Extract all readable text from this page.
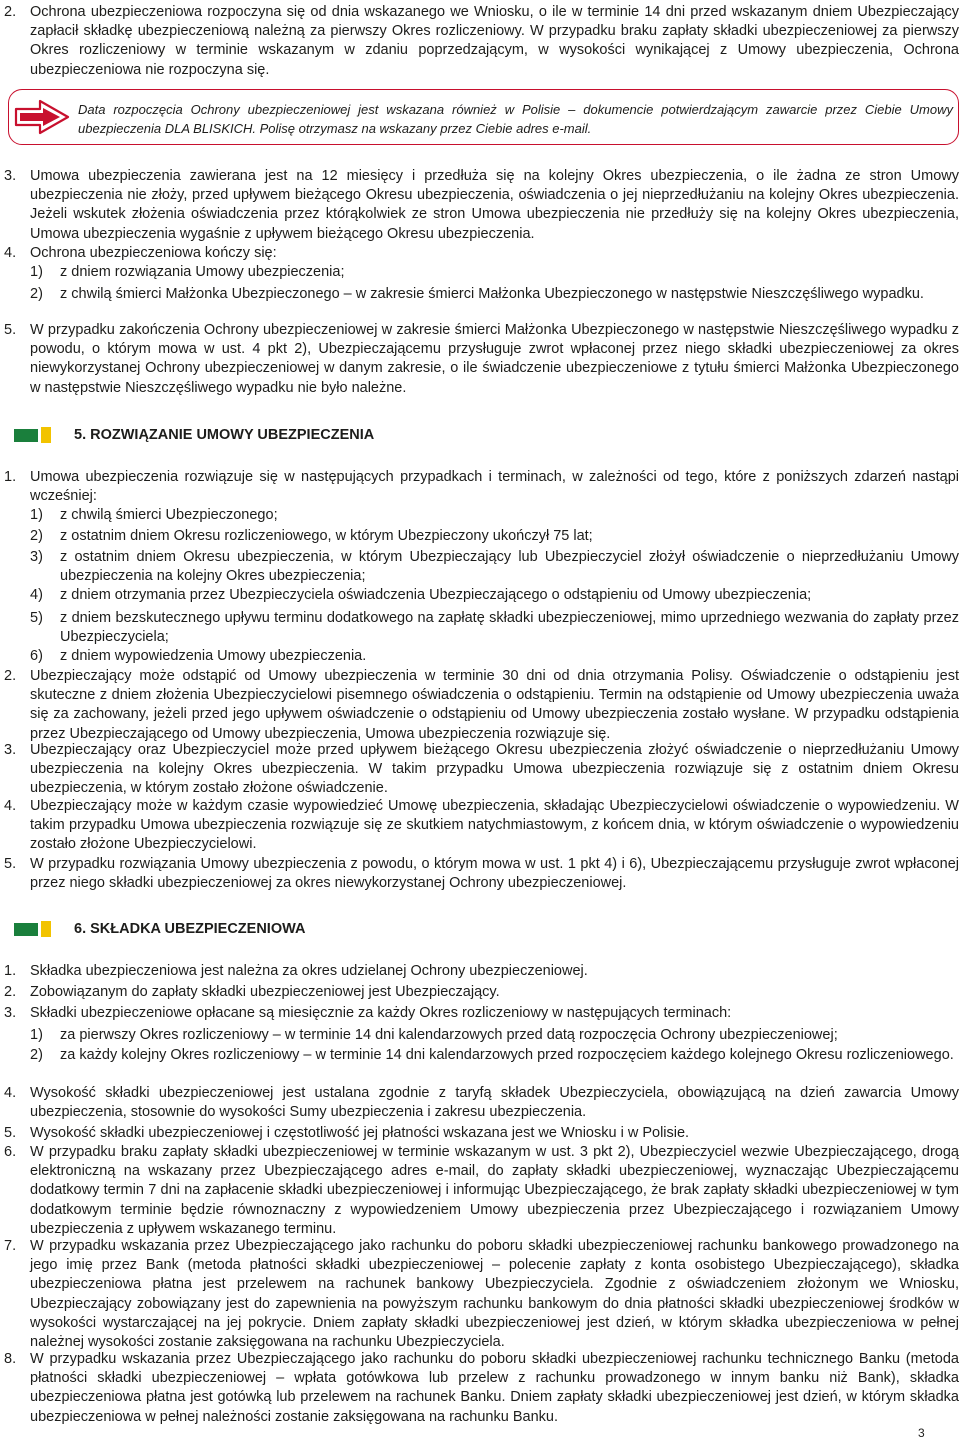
2. Ochrona ubezpieczeniowa rozpoczyna się od dnia wskazanego we Wniosku, o ile w terminie 14 dni przed wskazanym dniem Ubezpieczający zapłacił składkę ubezpieczeniową należną za pierwszy Okres rozliczeniowy. W przypadku braku zapłaty składki ubezpieczeniowej za pierwszy Okres rozliczeniowy w terminie wskazanym w zdaniu poprzedzającym, w wysokości wynikającej z Umowy ubezpieczenia, Ochrona ubezpieczeniowa nie rozpoczyna się.

Data rozpoczęcia Ochrony ubezpieczeniowej jest wskazana również w Polisie – dokumencie potwierdzającym zawarcie przez Ciebie Umowy ubezpieczenia DLA BLISKICH. Polisę otrzymasz na wskazany przez Ciebie adres e-mail.

3. Umowa ubezpieczenia zawierana jest na 12 miesięcy i przedłuża się na kolejny Okres ubezpieczenia, o ile żadna ze stron Umowy ubezpieczenia nie złoży, przed upływem bieżącego Okresu ubezpieczenia, oświadczenia o jej nieprzedłużaniu na kolejny Okres ubezpieczenia. Jeżeli wskutek złożenia oświadczenia przez którąkolwiek ze stron Umowa ubezpieczenia nie przedłuży się na kolejny Okres ubezpieczenia, Umowa ubezpieczenia wygaśnie z upływem bieżącego Okresu ubezpieczenia.

4. Ochrona ubezpieczeniowa kończy się:

1)	z dniem rozwiązania Umowy ubezpieczenia;

2)	z chwilą śmierci Małżonka Ubezpieczonego – w zakresie śmierci Małżonka Ubezpieczonego w następstwie Nieszczęśliwego wypadku.

5. W przypadku zakończenia Ochrony ubezpieczeniowej w zakresie śmierci Małżonka Ubezpieczonego w następstwie Nieszczęśliwego wypadku z powodu, o którym mowa w ust. 4 pkt 2), Ubezpieczającemu przysługuje zwrot wpłaconej przez niego składki ubezpieczeniowej za okres niewykorzystanej Ochrony ubezpieczeniowej w danym zakresie, o ile świadczenie ubezpieczeniowe z tytułu śmierci Małżonka Ubezpieczonego w następstwie Nieszczęśliwego wypadku nie było należne.

5. ROZWIĄZANIE UMOWY UBEZPIECZENIA

1. Umowa ubezpieczenia rozwiązuje się w następujących przypadkach i terminach, w zależności od tego, które z poniższych zdarzeń nastąpi wcześniej:

1)	z chwilą śmierci Ubezpieczonego;

2)	z ostatnim dniem Okresu rozliczeniowego, w którym Ubezpieczony ukończył 75 lat;

3)	z ostatnim dniem Okresu ubezpieczenia, w którym Ubezpieczający lub Ubezpieczyciel złożył oświadczenie o nieprzedłużaniu Umowy ubezpieczenia na kolejny Okres ubezpieczenia;

4)	z dniem otrzymania przez Ubezpieczyciela oświadczenia Ubezpieczającego o odstąpieniu od Umowy ubezpieczenia;

5)	z dniem bezskutecznego upływu terminu dodatkowego na zapłatę składki ubezpieczeniowej, mimo uprzedniego wezwania do zapłaty przez Ubezpieczyciela;

6)	z dniem wypowiedzenia Umowy ubezpieczenia.

2. Ubezpieczający może odstąpić od Umowy ubezpieczenia w terminie 30 dni od dnia otrzymania Polisy. Oświadczenie o odstąpieniu jest skuteczne z dniem złożenia Ubezpieczycielowi pisemnego oświadczenia o odstąpieniu. Termin na odstąpienie od Umowy ubezpieczenia uważa się za zachowany, jeżeli przed jego upływem oświadczenie o odstąpieniu od Umowy ubezpieczenia zostało wysłane. W przypadku odstąpienia przez Ubezpieczającego od Umowy ubezpieczenia, Umowa ubezpieczenia rozwiązuje się.

3. Ubezpieczający oraz Ubezpieczyciel może przed upływem bieżącego Okresu ubezpieczenia złożyć oświadczenie o nieprzedłużaniu Umowy ubezpieczenia na kolejny Okres ubezpieczenia. W takim przypadku Umowa ubezpieczenia rozwiązuje się z ostatnim dniem Okresu ubezpieczenia, w którym zostało złożone oświadczenie.

4. Ubezpieczający może w każdym czasie wypowiedzieć Umowę ubezpieczenia, składając Ubezpieczycielowi oświadczenie o wypowiedzeniu. W takim przypadku Umowa ubezpieczenia rozwiązuje się ze skutkiem natychmiastowym, z końcem dnia, w którym oświadczenie o wypowiedzeniu zostało złożone Ubezpieczycielowi.

5. W przypadku rozwiązania Umowy ubezpieczenia z powodu, o którym mowa w ust. 1 pkt 4) i 6), Ubezpieczającemu przysługuje zwrot wpłaconej przez niego składki ubezpieczeniowej za okres niewykorzystanej Ochrony ubezpieczeniowej.

6. SKŁADKA UBEZPIECZENIOWA

1. Składka ubezpieczeniowa jest należna za okres udzielanej Ochrony ubezpieczeniowej.

2. Zobowiązanym do zapłaty składki ubezpieczeniowej jest Ubezpieczający.

3. Składki ubezpieczeniowe opłacane są miesięcznie za każdy Okres rozliczeniowy w następujących terminach:

1)	za pierwszy Okres rozliczeniowy – w terminie 14 dni kalendarzowych przed datą rozpoczęcia Ochrony ubezpieczeniowej;

2)	za każdy kolejny Okres rozliczeniowy – w terminie 14 dni kalendarzowych przed rozpoczęciem każdego kolejnego Okresu rozliczeniowego.

4. Wysokość składki ubezpieczeniowej jest ustalana zgodnie z taryfą składek Ubezpieczyciela, obowiązującą na dzień zawarcia Umowy ubezpieczenia, stosownie do wysokości Sumy ubezpieczenia i zakresu ubezpieczenia.

5. Wysokość składki ubezpieczeniowej i częstotliwość jej płatności wskazana jest we Wniosku i w Polisie.

6. W przypadku braku zapłaty składki ubezpieczeniowej w terminie wskazanym w ust. 3 pkt 2), Ubezpieczyciel wezwie Ubezpieczającego, drogą elektroniczną na wskazany przez Ubezpieczającego adres e-mail, do zapłaty składki ubezpieczeniowej, wyznaczając Ubezpieczającemu dodatkowy termin 7 dni na zapłacenie składki ubezpieczeniowej i informując Ubezpieczającego, że brak zapłaty składki ubezpieczeniowej w tym dodatkowym terminie będzie równoznaczny z wypowiedzeniem Umowy ubezpieczenia przez Ubezpieczającego i rozwiązaniem Umowy ubezpieczenia z upływem wskazanego terminu.

7. W przypadku wskazania przez Ubezpieczającego jako rachunku do poboru składki ubezpieczeniowej rachunku bankowego prowadzonego na jego imię przez Bank (metoda płatności składki ubezpieczeniowej – polecenie zapłaty z konta osobistego Ubezpieczającego), składka ubezpieczeniowa płatna jest przelewem na rachunek bankowy Ubezpieczyciela. Zgodnie z oświadczeniem złożonym we Wniosku, Ubezpieczający zobowiązany jest do zapewnienia na powyższym rachunku bankowym do dnia płatności składki ubezpieczeniowej środków w wysokości wystarczającej na jej pokrycie. Dniem zapłaty składki ubezpieczeniowej jest dzień, w którym składka ubezpieczeniowa w pełnej należnej wysokości zostanie zaksięgowana na rachunku Ubezpieczyciela.

8. W przypadku wskazania przez Ubezpieczającego jako rachunku do poboru składki ubezpieczeniowej rachunku technicznego Banku (metoda płatności składki ubezpieczeniowej – wpłata gotówkowa lub przelew z rachunku prowadzonego w innym banku niż Bank), składka ubezpieczeniowa płatna jest gotówką lub przelewem na rachunek Banku. Dniem zapłaty składki ubezpieczeniowej jest dzień, w którym składka ubezpieczeniowa w pełnej należności zostanie zaksięgowana na rachunku Banku.

3
